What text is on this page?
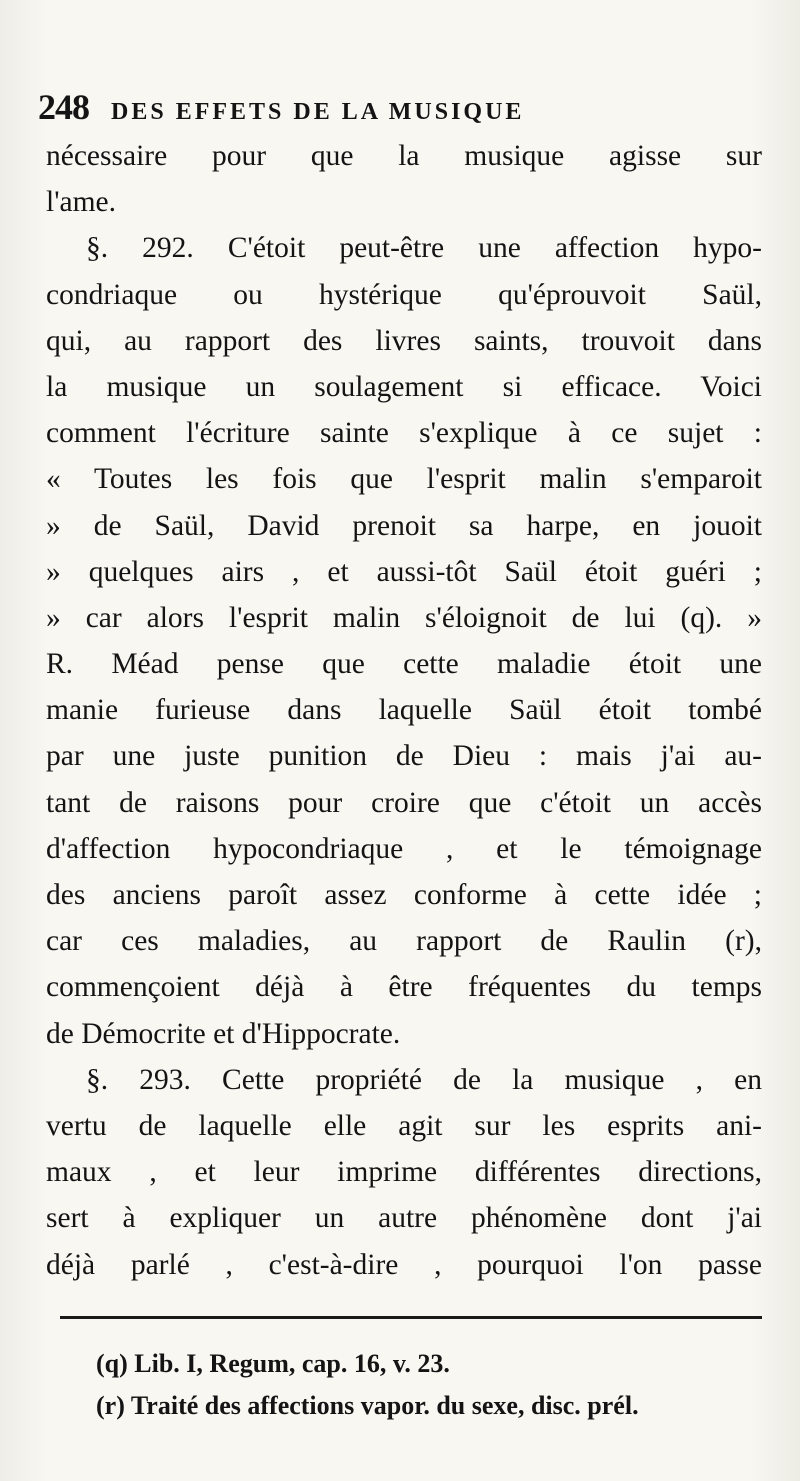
248 DES EFFETS DE LA MUSIQUE
nécessaire pour que la musique agisse sur
l'ame.
§. 292. C'étoit peut-être une affection hypo-
condriaque ou hystérique qu'éprouvoit Saül,
qui, au rapport des livres saints, trouvoit dans
la musique un soulagement si efficace. Voici
comment l'écriture sainte s'explique à ce sujet :
« Toutes les fois que l'esprit malin s'emparoit
» de Saül, David prenoit sa harpe, en jouoit
» quelques airs , et aussi-tôt Saül étoit guéri ;
» car alors l'esprit malin s'éloignoit de lui (q). »
R. Méad pense que cette maladie étoit une
manie furieuse dans laquelle Saül étoit tombé
par une juste punition de Dieu : mais j'ai au-
tant de raisons pour croire que c'étoit un accès
d'affection hypocondriaque , et le témoignage
des anciens paroît assez conforme à cette idée ;
car ces maladies, au rapport de Raulin (r),
commençoient déjà à être fréquentes du temps
de Démocrite et d'Hippocrate.
§. 293. Cette propriété de la musique , en
vertu de laquelle elle agit sur les esprits ani-
maux , et leur imprime différentes directions,
sert à expliquer un autre phénomène dont j'ai
déjà parlé , c'est-à-dire , pourquoi l'on passe
(q) Lib. I, Regum, cap. 16, v. 23.
(r) Traité des affections vapor. du sexe, disc. prél.
